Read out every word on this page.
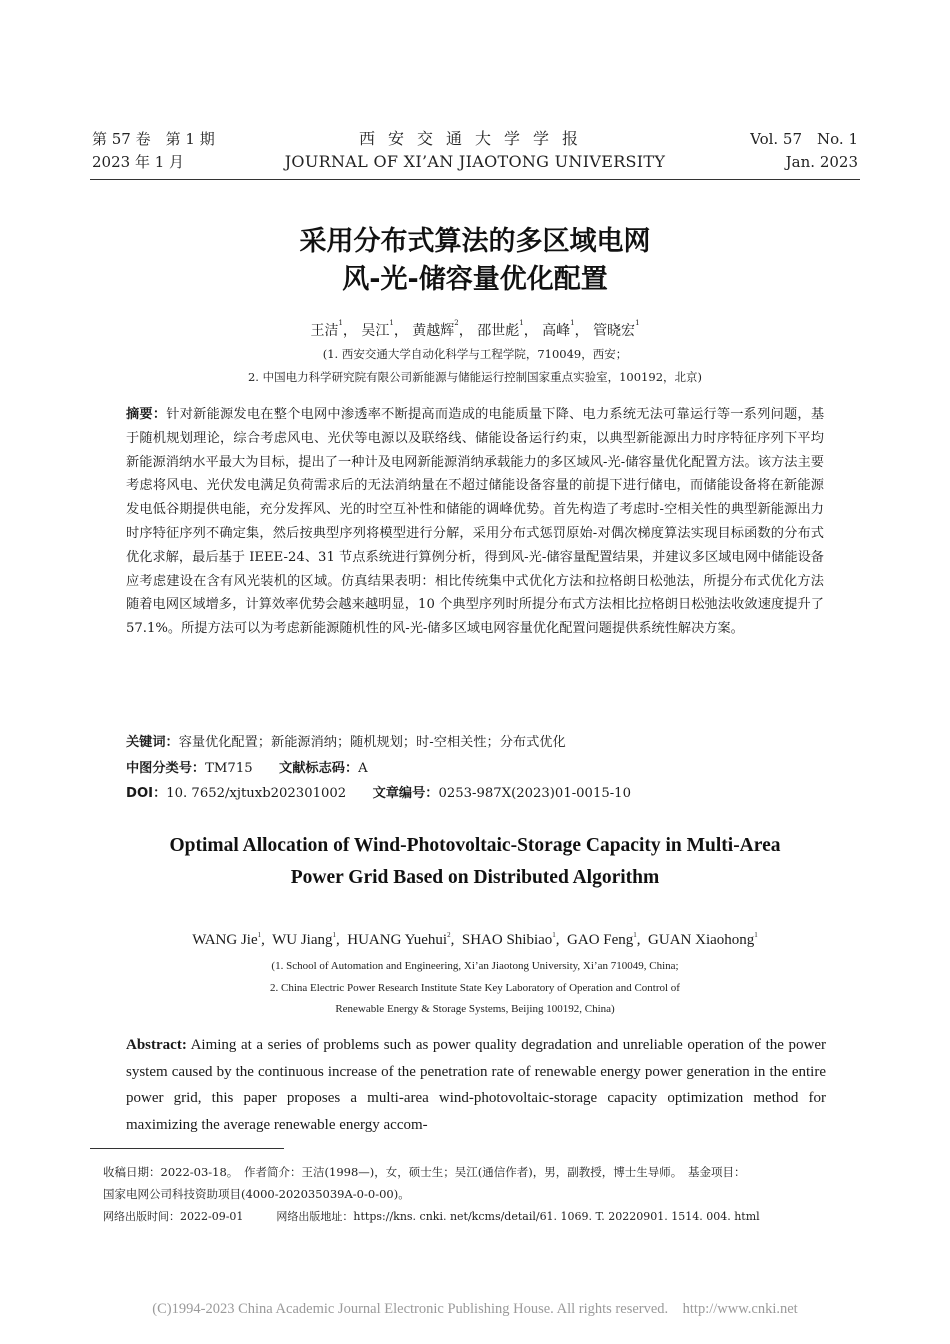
第 57 卷　第 1 期
2023 年 1 月
西安交通大学学报
JOURNAL OF XI’AN JIAOTONG UNIVERSITY
Vol. 57　No. 1
Jan. 2023
采用分布式算法的多区域电网
风-光-储容量优化配置
王洁$^1$， 吴江$^1$， 黄越辉$^2$， 邵世彪$^1$， 高峰$^1$， 管晓宏$^1$
(1. 西安交通大学自动化科学与工程学院，710049，西安；
2. 中国电力科学研究院有限公司新能源与储能运行控制国家重点实验室，100192，北京)
摘要：针对新能源发电在整个电网中渗透率不断提高而造成的电能质量下降、电力系统无法可靠运行等一系列问题，基于随机规划理论，综合考虑风电、光伏等电源以及联络线、储能设备运行约束，以典型新能源出力时序特征序列下平均新能源消纳水平最大为目标，提出了一种计及电网新能源消纳承载能力的多区域风-光-储容量优化配置方法。该方法主要考虑将风电、光伏发电满足负荷需求后的无法消纳量在不超过储能设备容量的前提下进行储电，而储能设备将在新能源发电低谷期提供电能，充分发挥风、光的时空互补性和储能的调峰优势。首先构造了考虑时-空相关性的典型新能源出力时序特征序列不确定集，然后按典型序列将模型进行分解，采用分布式惩罚原始-对偶次梯度算法实现目标函数的分布式优化求解，最后基于 IEEE-24、31 节点系统进行算例分析，得到风-光-储容量配置结果，并建议多区域电网中储能设备应考虑建设在含有风光装机的区域。仿真结果表明：相比传统集中式优化方法和拉格朗日松弛法，所提分布式优化方法随着电网区域增多，计算效率优势会越来越明显，10 个典型序列时所提分布式方法相比拉格朗日松弛法收敛速度提升了 57.1%。所提方法可以为考虑新能源随机性的风-光-储多区域电网容量优化配置问题提供系统性解决方案。
关键词：容量优化配置；新能源消纳；随机规划；时-空相关性；分布式优化
中图分类号：TM715 文献标志码：A
DOI：10. 7652/xjtuxb202301002 文章编号：0253-987X(2023)01-0015-10
Optimal Allocation of Wind-Photovoltaic-Storage Capacity in Multi-Area
Power Grid Based on Distributed Algorithm
WANG Jie$^1$,  WU Jiang$^1$,  HUANG Yuehui$^2$,  SHAO Shibiao$^1$,  GAO Feng$^1$,  GUAN Xiaohong$^1$
(1. School of Automation and Engineering, Xi’an Jiaotong University, Xi’an 710049, China;
2. China Electric Power Research Institute State Key Laboratory of Operation and Control of
Renewable Energy & Storage Systems, Beijing 100192, China)
Abstract: Aiming at a series of problems such as power quality degradation and unreliable operation of the power system caused by the continuous increase of the penetration rate of renewable energy power generation in the entire power grid, this paper proposes a multi-area wind-photovoltaic-storage capacity optimization method for maximizing the average renewable energy accom-
收稿日期：2022-03-18。　作者简介：王洁(1998—)，女，硕士生；吴江(通信作者)，男，副教授，博士生导师。　基金项目：
国家电网公司科技资助项目(4000-202035039A-0-0-00)。
网络出版时间：2022-09-01	网络出版地址：https://kns. cnki. net/kcms/detail/61. 1069. T. 20220901. 1514. 004. html
(C)1994-2023 China Academic Journal Electronic Publishing House. All rights reserved.　http://www.cnki.net
